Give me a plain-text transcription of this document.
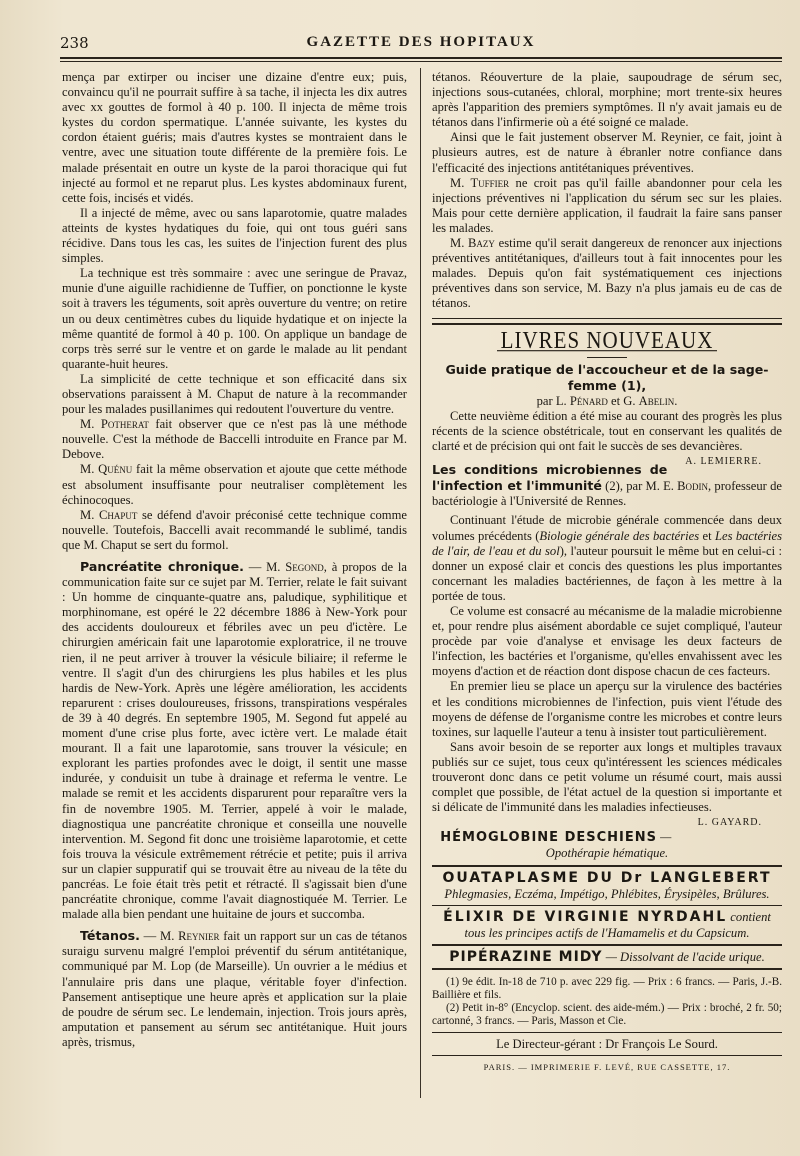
238	GAZETTE DES HOPITAUX

mença par extirper ou inciser une dizaine d'entre eux; puis, convaincu qu'il ne pourrait suffire à sa tache, il injecta les dix autres avec xx gouttes de formol à 40 p. 100. Il injecta de même trois kystes du cordon spermatique. L'année suivante, les kystes du cordon étaient guéris; mais d'autres kystes se montraient dans le ventre, avec une situation toute différente de la première fois. Le malade présentait en outre un kyste de la paroi thoracique qui fut injecté au formol et ne reparut plus. Les kystes abdominaux furent, cette fois, incisés et vidés.

Il a injecté de même, avec ou sans laparotomie, quatre malades atteints de kystes hydatiques du foie, qui ont tous guéri sans récidive. Dans tous les cas, les suites de l'injection furent des plus simples.

La technique est très sommaire : avec une seringue de Pravaz, munie d'une aiguille rachidienne de Tuffier, on ponctionne le kyste soit à travers les téguments, soit après ouverture du ventre; on retire un ou deux centimètres cubes du liquide hydatique et on injecte la même quantité de formol à 40 p. 100. On applique un bandage de corps très serré sur le ventre et on garde le malade au lit pendant quarante-huit heures.

La simplicité de cette technique et son efficacité dans six observations paraissent à M. Chaput de nature à la recommander pour les malades pusillanimes qui redoutent l'ouverture du ventre.

M. Potherat fait observer que ce n'est pas là une méthode nouvelle. C'est la méthode de Baccelli introduite en France par M. Debove.

M. Quénu fait la même observation et ajoute que cette méthode est absolument insuffisante pour neutraliser complètement les échinocoques.

M. Chaput se défend d'avoir préconisé cette technique comme nouvelle. Toutefois, Baccelli avait recommandé le sublimé, tandis que M. Chaput se sert du formol.

Pancréatite chronique. — M. Segond, à propos de la communication faite sur ce sujet par M. Terrier, relate le fait suivant : Un homme de cinquante-quatre ans, paludique, syphilitique et morphinomane, est opéré le 22 décembre 1886 à New-York pour des accidents douloureux et fébriles avec un peu d'ictère. Le chirurgien américain fait une laparotomie exploratrice, il ne trouve rien, il ne peut arriver à trouver la vésicule biliaire; il referme le ventre. Il s'agit d'un des chirurgiens les plus habiles et les plus hardis de New-York. Après une légère amélioration, les accidents reparurent : crises douloureuses, frissons, transpirations vespérales de 39 à 40 degrés. En septembre 1905, M. Segond fut appelé au moment d'une crise plus forte, avec ictère vert. Le malade était mourant. Il a fait une laparotomie, sans trouver la vésicule; en explorant les parties profondes avec le doigt, il sentit une masse indurée, y conduisit un tube à drainage et referma le ventre. Le malade se remit et les accidents disparurent pour reparaître vers la fin de novembre 1905. M. Terrier, appelé à voir le malade, diagnostiqua une pancréatite chronique et conseilla une nouvelle intervention. M. Segond fit donc une troisième laparotomie, et cette fois trouva la vésicule extrêmement rétrécie et petite; puis il arriva sur un clapier suppuratif qui se trouvait être au niveau de la tête du pancréas. Le foie était très petit et rétracté. Il s'agissait bien d'une pancréatite chronique, comme l'avait diagnostiquée M. Terrier. Le malade alla bien pendant une huitaine de jours et succomba.

Tétanos. — M. Reynier fait un rapport sur un cas de tétanos suraigu survenu malgré l'emploi préventif du sérum antitétanique, communiqué par M. Lop (de Marseille). Un ouvrier a le médius et l'annulaire pris dans une plaque, véritable foyer d'infection. Pansement antiseptique une heure après et application sur la plaie de poudre de sérum sec. Le lendemain, injection. Trois jours après, amputation et pansement au sérum sec antitétanique. Huit jours après, trismus,

tétanos. Réouverture de la plaie, saupoudrage de sérum sec, injections sous-cutanées, chloral, morphine; mort trente-six heures après l'apparition des premiers symptômes. Il n'y avait jamais eu de tétanos dans l'infirmerie où a été soigné ce malade.

Ainsi que le fait justement observer M. Reynier, ce fait, joint à plusieurs autres, est de nature à ébranler notre confiance dans l'efficacité des injections antitétaniques préventives.

M. Tuffier ne croit pas qu'il faille abandonner pour cela les injections préventives ni l'application du sérum sec sur les plaies. Mais pour cette dernière application, il faudrait la faire sans panser les malades.

M. Bazy estime qu'il serait dangereux de renoncer aux injections préventives antitétaniques, d'ailleurs tout à fait innocentes pour les malades. Depuis qu'on fait systématiquement ces injections préventives dans son service, M. Bazy n'a plus jamais eu de cas de tétanos.

LIVRES NOUVEAUX

Guide pratique de l'accoucheur et de la sage-femme (1),
par L. Pénard et G. Abelin.

Cette neuvième édition a été mise au courant des progrès les plus récents de la science obstétricale, tout en conservant les qualités de clarté et de précision qui ont fait le succès de ses devancières.
A. LEMIERRE.

Les conditions microbiennes de l'infection et l'immunité (2), par M. E. Bodin, professeur de bactériologie à l'Université de Rennes.

Continuant l'étude de microbie générale commencée dans deux volumes précédents (Biologie générale des bactéries et Les bactéries de l'air, de l'eau et du sol), l'auteur poursuit le même but en celui-ci : donner un exposé clair et concis des questions les plus importantes concernant les maladies bactériennes, de façon à les mettre à la portée de tous.

Ce volume est consacré au mécanisme de la maladie microbienne et, pour rendre plus aisément abordable ce sujet compliqué, l'auteur procède par voie d'analyse et envisage les deux facteurs de l'infection, les bactéries et l'organisme, qu'elles envahissent avec les moyens d'action et de réaction dont dispose chacun de ces facteurs.

En premier lieu se place un aperçu sur la virulence des bactéries et les conditions microbiennes de l'infection, puis vient l'étude des moyens de défense de l'organisme contre les microbes et contre leurs toxines, sur laquelle l'auteur a tenu à insister tout particulièrement.

Sans avoir besoin de se reporter aux longs et multiples travaux publiés sur ce sujet, tous ceux qu'intéressent les sciences médicales trouveront donc dans ce petit volume un résumé court, mais aussi complet que possible, de l'état actuel de la question si importante et si délicate de l'immunité dans les maladies infectieuses.
L. GAYARD.

HÉMOGLOBINE DESCHIENS — Opothérapie hématique.
OUATAPLASME DU Dr LANGLEBERT
Phlegmasies, Eczéma, Impétigo, Phlébites, Érysipèles, Brûlures.
ÉLIXIR DE VIRGINIE NYRDAHL contient
tous les principes actifs de l'Hamamelis et du Capsicum.
PIPÉRAZINE MIDY — Dissolvant de l'acide urique.

(1) 9e édit. In-18 de 710 p. avec 229 fig. — Prix : 6 francs. — Paris, J.-B. Baillière et fils.

(2) Petit in-8° (Encyclop. scient. des aide-mém.) — Prix : broché, 2 fr. 50; cartonné, 3 francs. — Paris, Masson et Cie.

Le Directeur-gérant : Dr François Le Sourd.
PARIS. — IMPRIMERIE F. LEVÉ, RUE CASSETTE, 17.
